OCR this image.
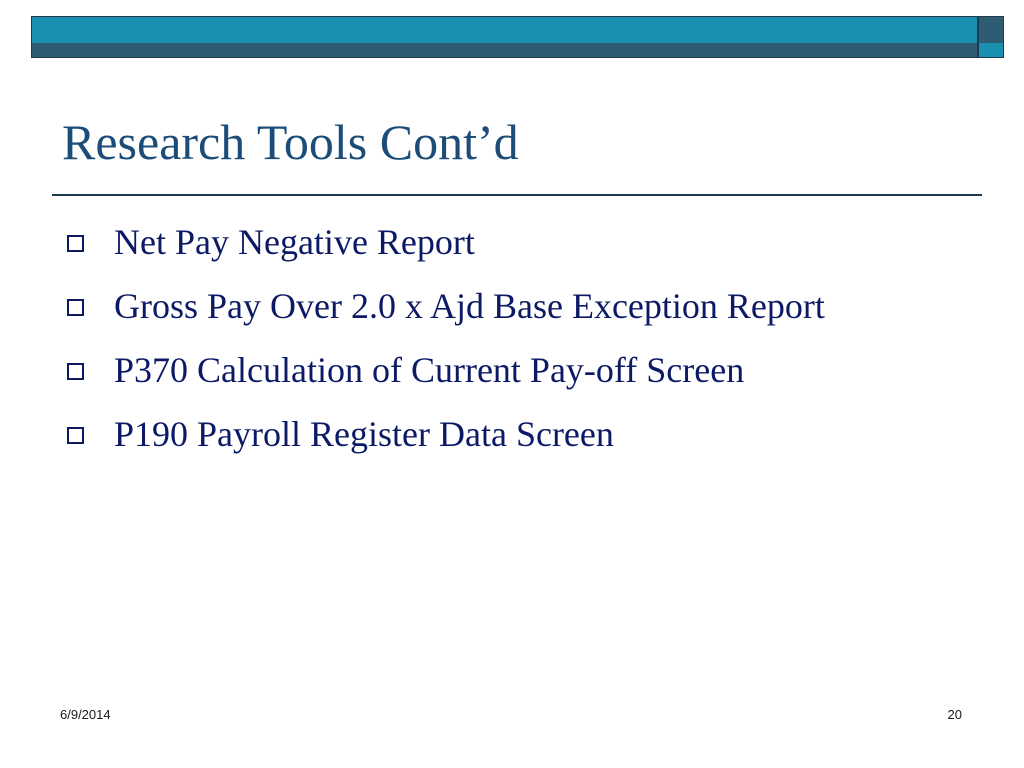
Research Tools Cont’d
Net Pay Negative Report
Gross Pay Over 2.0 x Ajd Base Exception Report
P370 Calculation of Current Pay-off Screen
P190 Payroll Register Data Screen
6/9/2014	20
